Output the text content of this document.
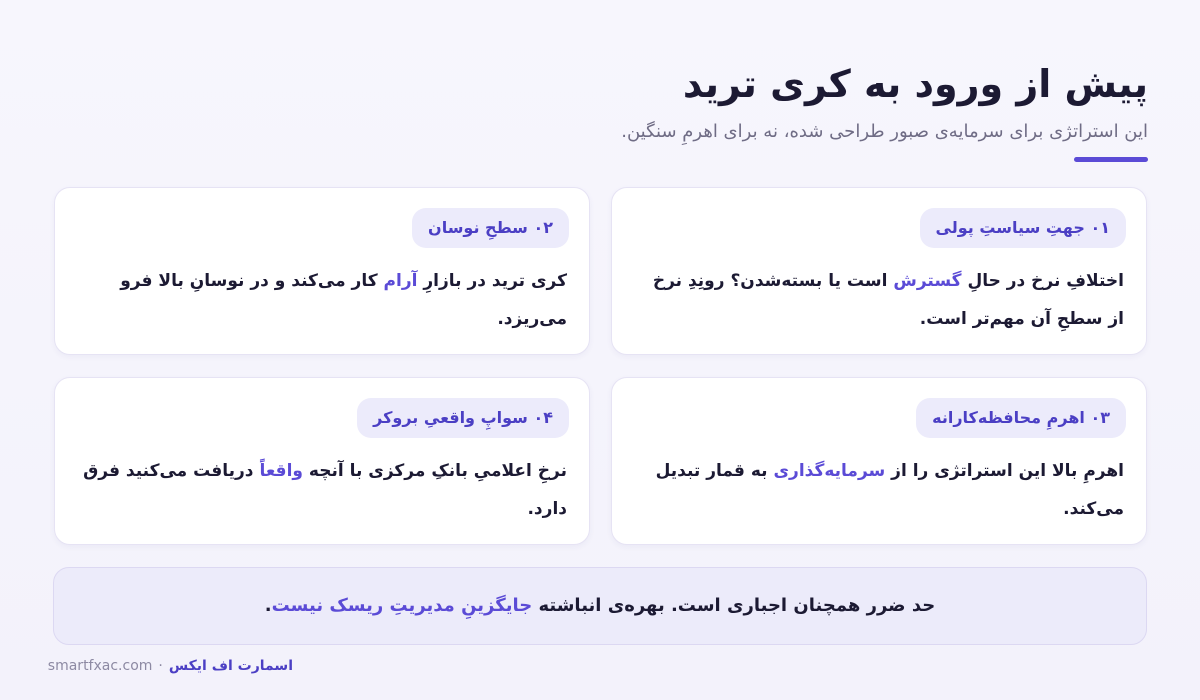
پیش از ورود به کری ترید

این استراتژی برای سرمایه‌ی صبور طراحی شده، نه برای اهرمِ سنگین.

۰۱ جهتِ سیاستِ پولی

اختلافِ نرخ در حالِ گسترش است یا بسته‌شدن؟ رونِدِ نرخ از سطحِ آن مهم‌تر است.

۰۲ سطحِ نوسان

کری ترید در بازارِ آرام کار می‌کند و در نوسانِ بالا فرو می‌ریزد.

۰۳ اهرمِ محافظه‌کارانه

اهرمِ بالا این استراتژی را از سرمایه‌گذاری به قمار تبدیل می‌کند.

۰۴ سواپِ واقعیِ بروکر

نرخِ اعلامیِ بانکِ مرکزی با آنچه واقعاً دریافت می‌کنید فرق دارد.

حد ضرر همچنان اجباری است. بهره‌ی انباشته جایگزینِ مدیریتِ ریسک نیست.

اسمارت اف ایکس·smartfxac.com
